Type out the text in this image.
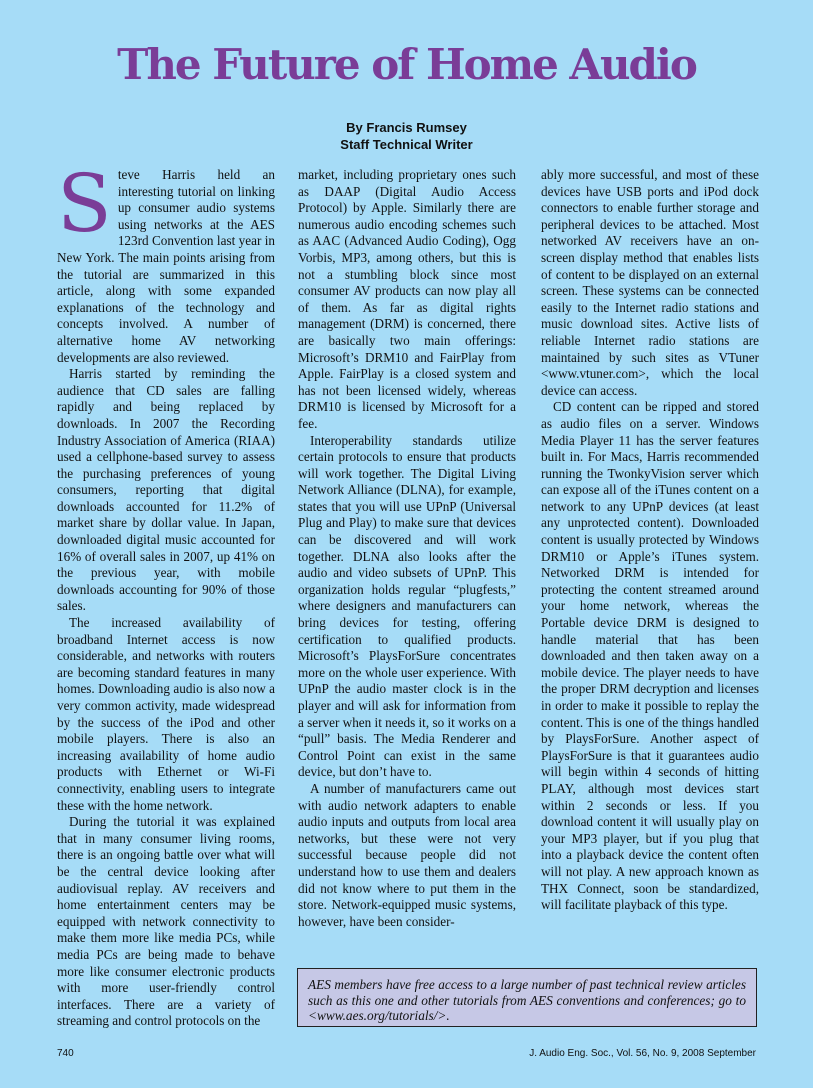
The Future of Home Audio
By Francis Rumsey
Staff Technical Writer

Steve Harris held an interesting tutorial on linking up consumer audio systems using networks at the AES 123rd Convention last year in New York. The main points arising from the tutorial are summarized in this article, along with some expanded explanations of the technology and concepts involved. A number of alternative home AV networking developments are also reviewed.

Harris started by reminding the audience that CD sales are falling rapidly and being replaced by downloads. In 2007 the Recording Industry Association of America (RIAA) used a cellphone-based survey to assess the purchasing preferences of young consumers, reporting that digital downloads accounted for 11.2% of market share by dollar value. In Japan, downloaded digital music accounted for 16% of overall sales in 2007, up 41% on the previous year, with mobile downloads accounting for 90% of those sales.

The increased availability of broadband Internet access is now considerable, and networks with routers are becoming standard features in many homes. Downloading audio is also now a very common activity, made widespread by the success of the iPod and other mobile players. There is also an increasing availability of home audio products with Ethernet or Wi-Fi connectivity, enabling users to integrate these with the home network.

During the tutorial it was explained that in many consumer living rooms, there is an ongoing battle over what will be the central device looking after audiovisual replay. AV receivers and home entertainment centers may be equipped with network connectivity to make them more like media PCs, while media PCs are being made to behave more like consumer electronic products with more user-friendly control interfaces. There are a variety of streaming and control protocols on the

market, including proprietary ones such as DAAP (Digital Audio Access Protocol) by Apple. Similarly there are numerous audio encoding schemes such as AAC (Advanced Audio Coding), Ogg Vorbis, MP3, among others, but this is not a stumbling block since most consumer AV products can now play all of them. As far as digital rights management (DRM) is concerned, there are basically two main offerings: Microsoft’s DRM10 and FairPlay from Apple. FairPlay is a closed system and has not been licensed widely, whereas DRM10 is licensed by Microsoft for a fee.

Interoperability standards utilize certain protocols to ensure that products will work together. The Digital Living Network Alliance (DLNA), for example, states that you will use UPnP (Universal Plug and Play) to make sure that devices can be discovered and will work together. DLNA also looks after the audio and video subsets of UPnP. This organization holds regular “plugfests,” where designers and manufacturers can bring devices for testing, offering certification to qualified products. Microsoft’s PlaysForSure concentrates more on the whole user experience. With UPnP the audio master clock is in the player and will ask for information from a server when it needs it, so it works on a “pull” basis. The Media Renderer and Control Point can exist in the same device, but don’t have to.

A number of manufacturers came out with audio network adapters to enable audio inputs and outputs from local area networks, but these were not very successful because people did not understand how to use them and dealers did not know where to put them in the store. Network-equipped music systems, however, have been consider-

ably more successful, and most of these devices have USB ports and iPod dock connectors to enable further storage and peripheral devices to be attached. Most networked AV receivers have an on-screen display method that enables lists of content to be displayed on an external screen. These systems can be connected easily to the Internet radio stations and music download sites. Active lists of reliable Internet radio stations are maintained by such sites as VTuner <www.vtuner.com>, which the local device can access.

CD content can be ripped and stored as audio files on a server. Windows Media Player 11 has the server features built in. For Macs, Harris recommended running the TwonkyVision server which can expose all of the iTunes content on a network to any UPnP devices (at least any unprotected content). Downloaded content is usually protected by Windows DRM10 or Apple’s iTunes system. Networked DRM is intended for protecting the content streamed around your home network, whereas the Portable device DRM is designed to handle material that has been downloaded and then taken away on a mobile device. The player needs to have the proper DRM decryption and licenses in order to make it possible to replay the content. This is one of the things handled by PlaysForSure. Another aspect of PlaysForSure is that it guarantees audio will begin within 4 seconds of hitting PLAY, although most devices start within 2 seconds or less. If you download content it will usually play on your MP3 player, but if you plug that into a playback device the content often will not play. A new approach known as THX Connect, soon be standardized, will facilitate playback of this type.

AES members have free access to a large number of past technical review articles such as this one and other tutorials from AES conventions and conferences; go to <www.aes.org/tutorials/>.
740	J. Audio Eng. Soc., Vol. 56, No. 9, 2008 September
